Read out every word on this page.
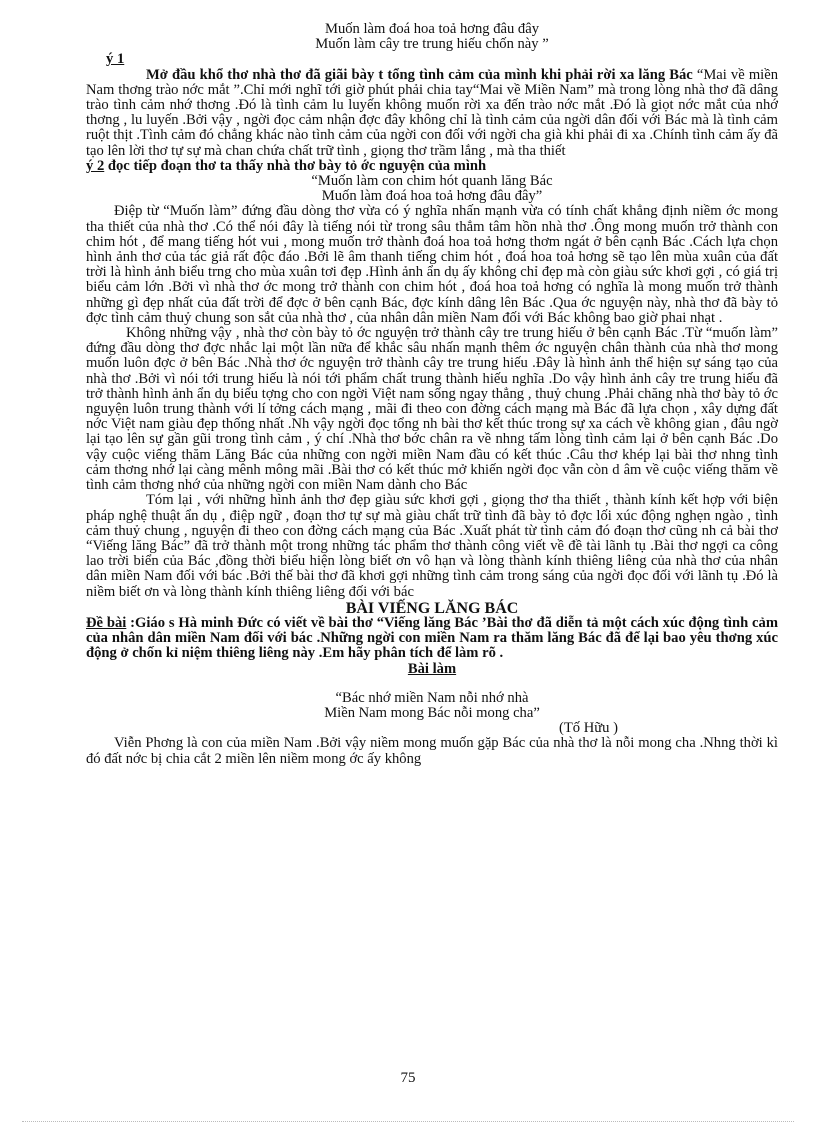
Muốn làm đoá hoa toả hơng đâu đây

Muốn làm cây tre trung hiếu chốn này ”

ý 1

Mở đầu khổ thơ nhà thơ đã giãi bày t tổng tình cảm của mình khi phải rời xa lăng Bác “Mai về miền Nam thơng trào nớc mắt ”.Chỉ mới nghĩ tới giờ phút phải chia tay“Mai về Miền Nam” mà trong lòng nhà thơ đã dâng trào tình cảm nhớ thơng .Đó là tình cảm lu luyến không muốn rời xa đến trào nớc mắt .Đó là giọt nớc mắt của nhớ thơng , lu luyến .Bởi vậy , ngời đọc cảm nhận đợc đây không chỉ là tình cảm của ngời dân đối với Bác mà là tình cảm ruột thịt .Tình cảm đó chẳng khác nào tình cảm của ngời con đối với ngời cha già khi phải đi xa .Chính tình cảm ấy đã tạo lên lời thơ tự sự mà chan chứa chất trữ tình , giọng thơ trầm lắng , mà tha thiết

ý 2 đọc tiếp đoạn thơ ta thấy nhà thơ bày tỏ ớc nguyện của mình

“Muốn làm con chim hót quanh lăng Bác

Muốn làm đoá hoa toả hơng đâu đây”

Điệp từ “Muốn làm” đứng đầu dòng thơ vừa có ý nghĩa nhấn mạnh vừa có tính chất khẳng định niềm ớc mong tha thiết của nhà thơ .Có thể nói đây là tiếng nói từ trong sâu thẳm tâm hồn nhà thơ .Ông mong muốn trở thành con chim hót , để mang tiếng hót vui , mong muốn trở thành đoá hoa toả hơng thơm ngát ở bên cạnh Bác .Cách lựa chọn hình ảnh thơ của tác giả rất độc đáo .Bởi lẽ âm thanh tiếng chim hót , đoá hoa toả hơng sẽ tạo lên mùa xuân của đất trời là hình ảnh biểu trng cho mùa xuân tơi đẹp .Hình ảnh ẩn dụ ấy không chỉ đẹp mà còn giàu sức khơi gợi , có giá trị biểu cảm lớn .Bởi vì nhà thơ ớc mong trở thành con chim hót , đoá hoa toả hơng có nghĩa là mong muốn trở thành những gì đẹp nhất của đất trời để đợc ở bên cạnh Bác, đợc kính dâng lên Bác .Qua ớc nguyện này, nhà thơ đã bày tỏ đợc tình cảm thuỷ chung son sắt của nhà thơ , của nhân dân miền Nam đối với Bác không bao giờ phai nhạt .

Không những vậy , nhà thơ còn bày tỏ ớc nguyện trở thành cây tre trung hiếu ở bên cạnh Bác .Từ “muốn làm” đứng đầu dòng thơ đợc nhắc lại một lần nữa để khắc sâu nhấn mạnh thêm ớc nguyện chân thành của nhà thơ mong muốn luôn đợc ở bên Bác .Nhà thơ ớc nguyện trở thành cây tre trung hiếu .Đây là hình ảnh thể hiện sự sáng tạo của nhà thơ .Bởi vì nói tới trung hiếu là nói tới phẩm chất trung thành hiếu nghĩa .Do vậy hình ảnh cây tre trung hiếu đã trở thành hình ảnh ẩn dụ biểu tợng cho con ngời Việt nam sống ngay thẳng , thuỷ chung .Phải chăng nhà thơ bày tỏ ớc nguyện luôn trung thành với lí tởng cách mạng , mãi đi theo con đờng cách mạng mà Bác đã lựa chọn , xây dựng đất nớc Việt nam giàu đẹp thống nhất .Nh vậy ngời đọc tổng nh bài thơ kết thúc trong sự xa cách về không gian , đâu ngờ lại tạo lên sự gần gũi trong tình cảm , ý chí .Nhà thơ bớc chân ra về nhng tấm lòng tình cảm lại ở bên cạnh Bác .Do vậy cuộc viếng thăm Lăng Bác của những con ngời miền Nam đầu có kết thúc .Câu thơ khép lại bài thơ nhng tình cảm thơng nhớ lại càng mênh mông mãi .Bài thơ có kết thúc mở khiến ngời đọc vẫn còn d âm về cuộc viếng thăm về tình cảm thơng nhớ của những ngời con miền Nam dành cho Bác

Tóm lại , với những hình ảnh thơ đẹp giàu sức khơi gợi , giọng thơ tha thiết , thành kính kết hợp với biện pháp nghệ thuật ẩn dụ , điệp ngữ , đoạn thơ tự sự mà giàu chất trữ tình đã bày tỏ đợc lối xúc động nghẹn ngào , tình cảm thuỷ chung , nguyện đi theo con đờng cách mạng của Bác .Xuất phát từ tình cảm đó đoạn thơ cũng nh cả bài thơ “Viếng lăng Bác” đã trở thành một trong những tác phẩm thơ thành công viết về đề tài lãnh tụ .Bài thơ ngợi ca công lao trời biển của Bác ,đồng thời biểu hiện lòng biết ơn vô hạn và lòng thành kính thiêng liêng của nhà thơ của nhân dân miền Nam đối với bác .Bởi thế bài thơ đã khơi gợi những tình cảm trong sáng của ngời đọc đối với lãnh tụ .Đó là niềm biết ơn và lòng thành kính thiêng liêng đối với bác

BÀI VIẾNG LĂNG BÁC

Đề bài :Giáo s Hà minh Đức có viết về bài thơ “Viếng lăng Bác ’Bài thơ đã diễn tả một cách xúc động tình cảm của nhân dân miền Nam đối với bác .Những ngời con miền Nam ra thăm lăng Bác đã để lại bao yêu thơng xúc động ở chốn kỉ niệm thiêng liêng này .Em hãy phân tích để làm rõ .

Bài làm

“Bác nhớ miền Nam nỗi nhớ nhà

Miền Nam mong Bác nỗi mong cha”

(Tố Hữu )

Viễn Phơng là con của miền Nam .Bởi vậy niềm mong muốn gặp Bác của nhà thơ là nỗi mong cha .Nhng thời kì đó đất nớc bị chia cắt 2 miền lên niềm mong ớc ấy không

75
